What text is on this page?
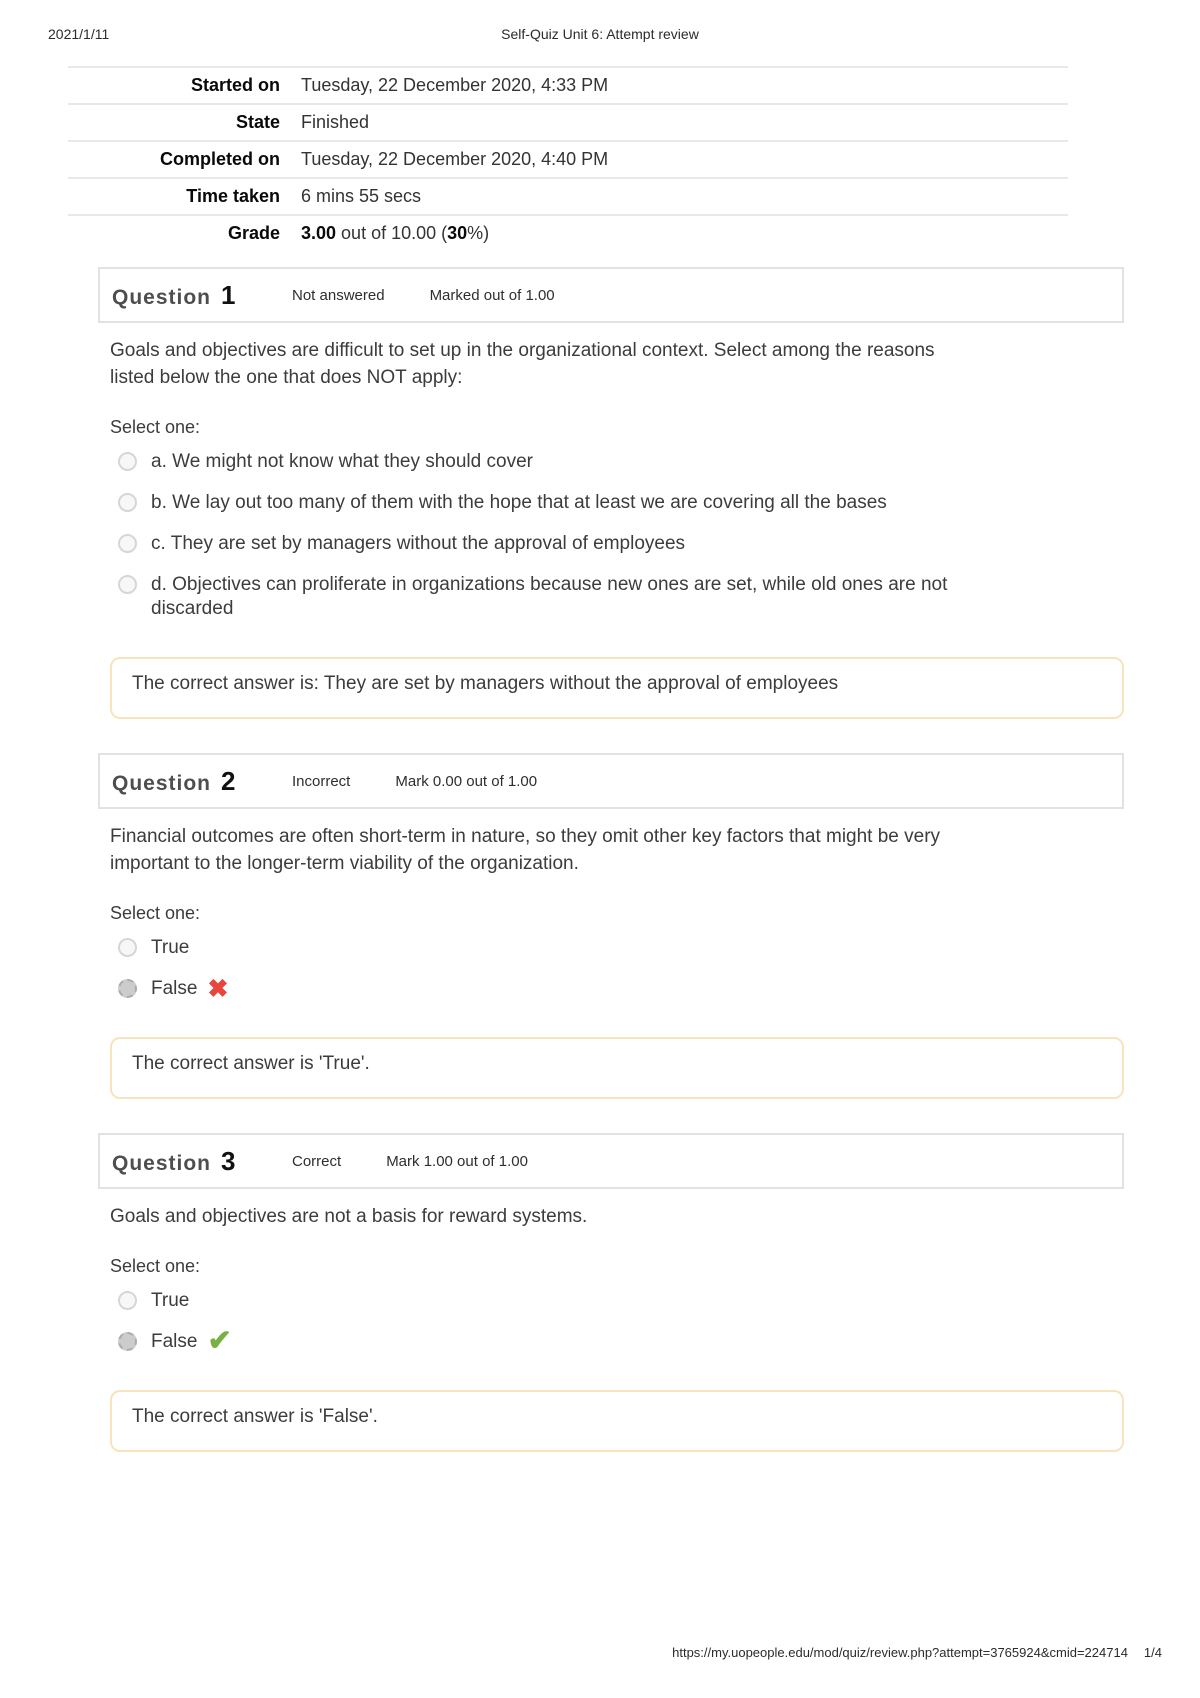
2021/1/11	Self-Quiz Unit 6: Attempt review
Started on	Tuesday, 22 December 2020, 4:33 PM
State	Finished
Completed on	Tuesday, 22 December 2020, 4:40 PM
Time taken	6 mins 55 secs
Grade	3.00 out of 10.00 (30%)
Question 1	Not answered	Marked out of 1.00
Goals and objectives are difficult to set up in the organizational context. Select among the reasons listed below the one that does NOT apply:
Select one:
a. We might not know what they should cover
b. We lay out too many of them with the hope that at least we are covering all the bases
c. They are set by managers without the approval of employees
d. Objectives can proliferate in organizations because new ones are set, while old ones are not discarded
The correct answer is: They are set by managers without the approval of employees
Question 2	Incorrect	Mark 0.00 out of 1.00
Financial outcomes are often short-term in nature, so they omit other key factors that might be very important to the longer-term viability of the organization.
Select one:
True
False ✖
The correct answer is 'True'.
Question 3	Correct	Mark 1.00 out of 1.00
Goals and objectives are not a basis for reward systems.
Select one:
True
False ✔
The correct answer is 'False'.
https://my.uopeople.edu/mod/quiz/review.php?attempt=3765924&cmid=224714 1/4
